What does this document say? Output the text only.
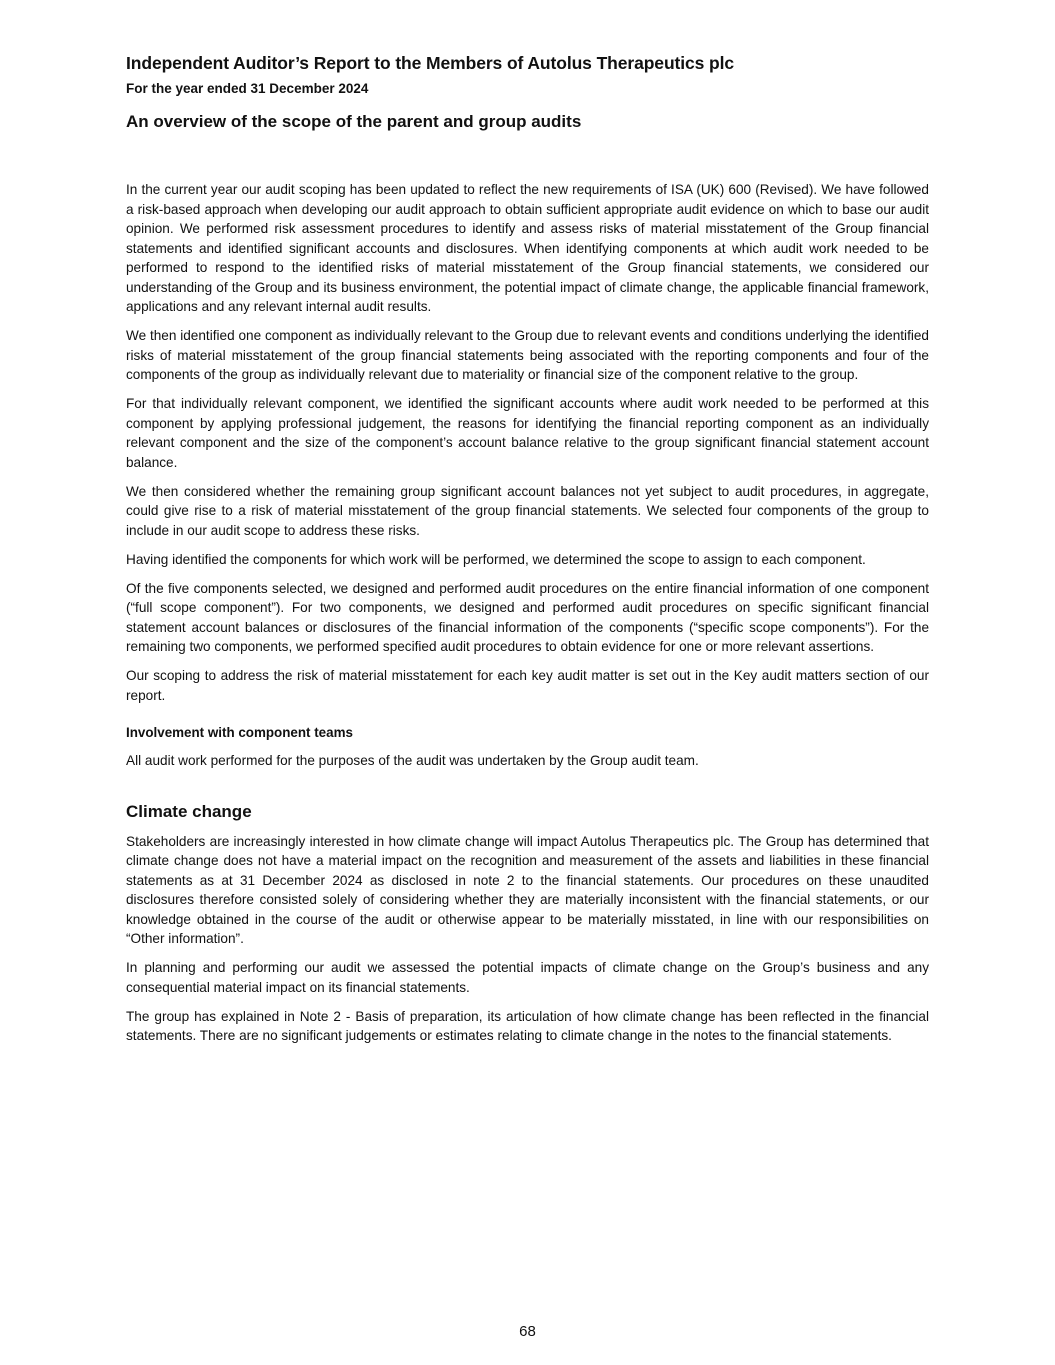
Independent Auditor’s Report to the Members of Autolus Therapeutics plc
For the year ended 31 December 2024
An overview of the scope of the parent and group audits

In the current year our audit scoping has been updated to reflect the new requirements of ISA (UK) 600 (Revised). We have followed a risk-based approach when developing our audit approach to obtain sufficient appropriate audit evidence on which to base our audit opinion. We performed risk assessment procedures to identify and assess risks of material misstatement of the Group financial statements and identified significant accounts and disclosures. When identifying components at which audit work needed to be performed to respond to the identified risks of material misstatement of the Group financial statements, we considered our understanding of the Group and its business environment, the potential impact of climate change, the applicable financial framework, applications and any relevant internal audit results.

We then identified one component as individually relevant to the Group due to relevant events and conditions underlying the identified risks of material misstatement of the group financial statements being associated with the reporting components and four of the components of the group as individually relevant due to materiality or financial size of the component relative to the group.

For that individually relevant component, we identified the significant accounts where audit work needed to be performed at this component by applying professional judgement, the reasons for identifying the financial reporting component as an individually relevant component and the size of the component’s account balance relative to the group significant financial statement account balance.

We then considered whether the remaining group significant account balances not yet subject to audit procedures, in aggregate, could give rise to a risk of material misstatement of the group financial statements. We selected four components of the group to include in our audit scope to address these risks.

Having identified the components for which work will be performed, we determined the scope to assign to each component.

Of the five components selected, we designed and performed audit procedures on the entire financial information of one component (“full scope component”). For two components, we designed and performed audit procedures on specific significant financial statement account balances or disclosures of the financial information of the components (“specific scope components”). For the remaining two components, we performed specified audit procedures to obtain evidence for one or more relevant assertions.

Our scoping to address the risk of material misstatement for each key audit matter is set out in the Key audit matters section of our report.

Involvement with component teams

All audit work performed for the purposes of the audit was undertaken by the Group audit team.

Climate change

Stakeholders are increasingly interested in how climate change will impact Autolus Therapeutics plc. The Group has determined that climate change does not have a material impact on the recognition and measurement of the assets and liabilities in these financial statements as at 31 December 2024 as disclosed in note 2 to the financial statements. Our procedures on these unaudited disclosures therefore consisted solely of considering whether they are materially inconsistent with the financial statements, or our knowledge obtained in the course of the audit or otherwise appear to be materially misstated, in line with our responsibilities on “Other information”.

In planning and performing our audit we assessed the potential impacts of climate change on the Group’s business and any consequential material impact on its financial statements.

The group has explained in Note 2 - Basis of preparation, its articulation of how climate change has been reflected in the financial statements. There are no significant judgements or estimates relating to climate change in the notes to the financial statements.

68
